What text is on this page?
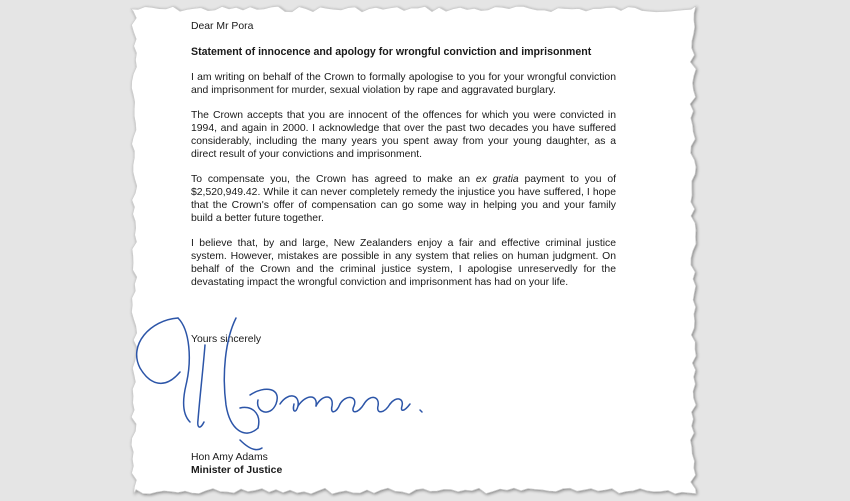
Dear Mr Pora

Statement of innocence and apology for wrongful conviction and imprisonment

I am writing on behalf of the Crown to formally apologise to you for your wrongful conviction and imprisonment for murder, sexual violation by rape and aggravated burglary.

The Crown accepts that you are innocent of the offences for which you were convicted in 1994, and again in 2000. I acknowledge that over the past two decades you have suffered considerably, including the many years you spent away from your young daughter, as a direct result of your convictions and imprisonment.

To compensate you, the Crown has agreed to make an ex gratia payment to you of $2,520,949.42. While it can never completely remedy the injustice you have suffered, I hope that the Crown's offer of compensation can go some way in helping you and your family build a better future together.

I believe that, by and large, New Zealanders enjoy a fair and effective criminal justice system. However, mistakes are possible in any system that relies on human judgment. On behalf of the Crown and the criminal justice system, I apologise unreservedly for the devastating impact the wrongful conviction and imprisonment has had on your life.

Yours sincerely

Hon Amy Adams
Minister of Justice
